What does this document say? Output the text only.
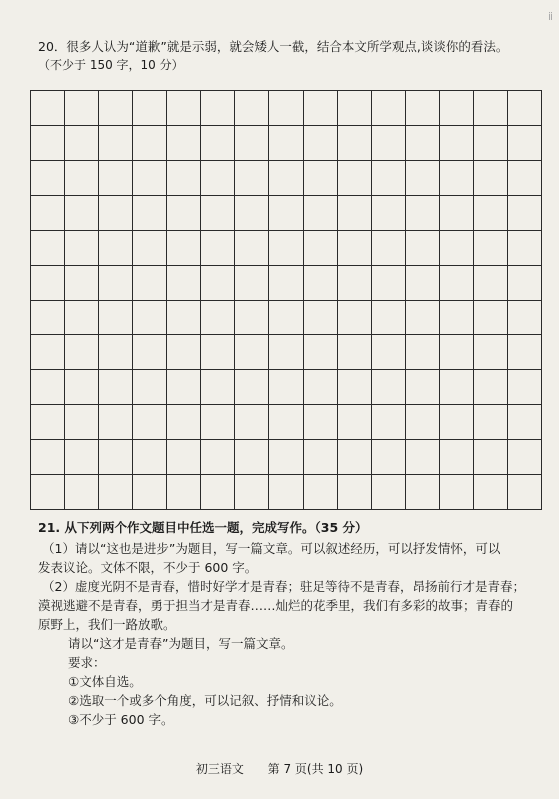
ⅱ
20．很多人认为“道歉”就是示弱，就会矮人一截，结合本文所学观点,谈谈你的看法。
（不少于 150 字，10 分）
21. 从下列两个作文题目中任选一题，完成写作。（35 分）
（1）请以“这也是进步”为题目，写一篇文章。可以叙述经历，可以抒发情怀，可以
发表议论。文体不限，不少于 600 字。
（2）虚度光阴不是青春，惜时好学才是青春；驻足等待不是青春，昂扬前行才是青春；
漠视逃避不是青春，勇于担当才是青春……灿烂的花季里，我们有多彩的故事；青春的
原野上，我们一路放歌。
请以“这才是青春”为题目，写一篇文章。
要求：
①文体自选。
②选取一个或多个角度，可以记叙、抒情和议论。
③不少于 600 字。
初三语文 第 7 页(共 10 页)
